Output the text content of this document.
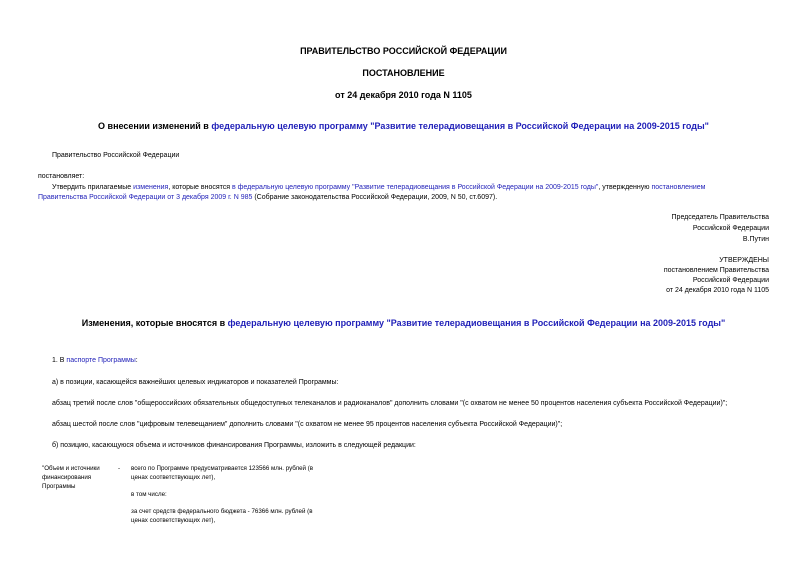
ПРАВИТЕЛЬСТВО РОССИЙСКОЙ ФЕДЕРАЦИИ
ПОСТАНОВЛЕНИЕ
от 24 декабря 2010 года N 1105
О внесении изменений в федеральную целевую программу "Развитие телерадиовещания в Российской Федерации на 2009-2015 годы"
Правительство Российской Федерации
постановляет:
Утвердить прилагаемые изменения, которые вносятся в федеральную целевую программу "Развитие телерадиовещания в Российской Федерации на 2009-2015 годы", утвержденную постановлением
Правительства Российской Федерации от 3 декабря 2009 г. N 985 (Собрание законодательства Российской Федерации, 2009, N 50, ст.6097).
Председатель Правительства
Российской Федерации
В.Путин
УТВЕРЖДЕНЫ
постановлением Правительства
Российской Федерации
от 24 декабря 2010 года N 1105
Изменения, которые вносятся в федеральную целевую программу "Развитие телерадиовещания в Российской Федерации на 2009-2015 годы"
1. В паспорте Программы:
а) в позиции, касающейся важнейших целевых индикаторов и показателей Программы:
абзац третий после слов "общероссийских обязательных общедоступных телеканалов и радиоканалов" дополнить словами "(с охватом не менее 50 процентов населения субъекта Российской Федерации)";
абзац шестой после слов "цифровым телевещанием" дополнить словами "(с охватом не менее 95 процентов населения субъекта Российской Федерации)";
б) позицию, касающуюся объема и источников финансирования Программы, изложить в следующей редакции:
"Объем и источники
финансирования
Программы
- всего по Программе предусматривается 123566 млн. рублей (в
ценах соответствующих лет),
в том числе:
за счет средств федерального бюджета - 76366 млн. рублей (в
ценах соответствующих лет),
